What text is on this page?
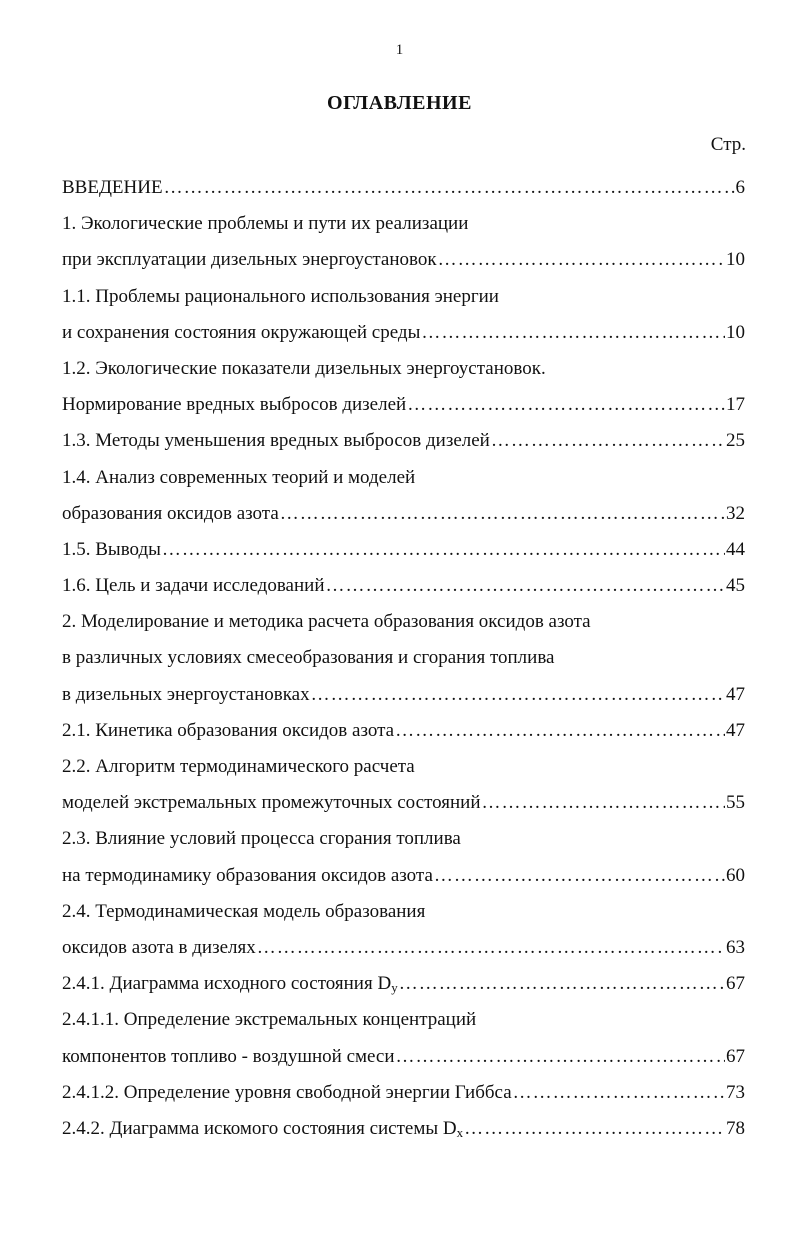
1
ОГЛАВЛЕНИЕ
Стр.
ВВЕДЕНИЕ ……………………………………………………………………………………………………………………………………………	6
1. Экологические проблемы и пути их реализации
при эксплуатации дизельных энергоустановок ……………………………………………………………………………………………………………………………………………	10
1.1. Проблемы рационального использования энергии
и сохранения состояния окружающей среды ……………………………………………………………………………………………………………………………………………	10
1.2. Экологические показатели дизельных энергоустановок.
Нормирование вредных выбросов дизелей ……………………………………………………………………………………………………………………………………………	17
1.3. Методы уменьшения вредных выбросов дизелей ……………………………………………………………………………………………………………………………………………	25
1.4. Анализ современных теорий и моделей
образования оксидов азота ……………………………………………………………………………………………………………………………………………	32
1.5. Выводы ……………………………………………………………………………………………………………………………………………	44
1.6. Цель и задачи исследований ……………………………………………………………………………………………………………………………………………	45
2. Моделирование и методика расчета образования оксидов азота
в различных условиях смесеобразования и сгорания топлива
в дизельных энергоустановках ……………………………………………………………………………………………………………………………………………	47
2.1. Кинетика образования оксидов азота ……………………………………………………………………………………………………………………………………………	47
2.2. Алгоритм термодинамического расчета
моделей экстремальных промежуточных состояний ……………………………………………………………………………………………………………………………………………	55
2.3. Влияние условий процесса сгорания топлива
на термодинамику образования оксидов азота ……………………………………………………………………………………………………………………………………………	60
2.4. Термодинамическая модель образования
оксидов азота в дизелях ……………………………………………………………………………………………………………………………………………	63
2.4.1. Диаграмма исходного состояния $D_y$ ……………………………………………………………………………………………………………………………………………	67
2.4.1.1. Определение экстремальных концентраций
компонентов топливо - воздушной смеси ……………………………………………………………………………………………………………………………………………	67
2.4.1.2. Определение уровня свободной энергии Гиббса ……………………………………………………………………………………………………………………………………………	73
2.4.2. Диаграмма искомого состояния системы $D_x$ ……………………………………………………………………………………………………………………………………………	78
